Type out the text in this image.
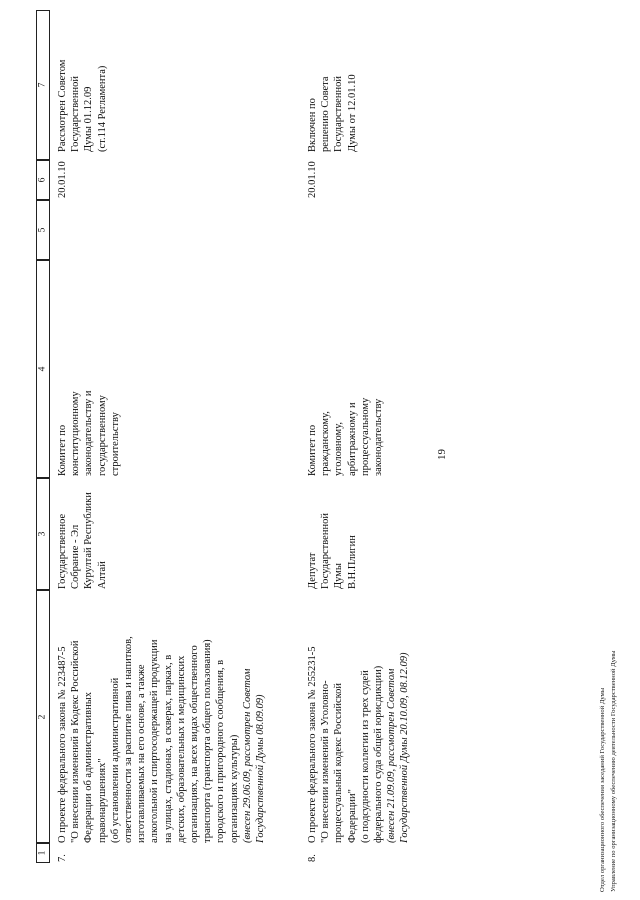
1
2
3
4
5
6
7
7.
О проекте федерального закона № 223487-5
"О внесении изменений в Кодекс Российской
Федерации об административных
правонарушениях"
(об установлении административной
ответственности за распитие пива и напитков,
изготавливаемых на его основе, а также
алкогольной и спиртосодержащей продукции
на улицах, стадионах, в скверах, парках, в
детских, образовательных и медицинских
организациях, на всех видах общественного
транспорта (транспорта общего пользования)
городского и пригородного сообщения, в
организациях культуры)
(внесен 29.06.09, рассмотрен Советом
Государственной Думы 08.09.09)
Государственное
Собрание - Эл
Курултай Республики
Алтай
Комитет по
конституционному
законодательству и
государственному
строительству
20.01.10
Рассмотрен Советом
Государственной
Думы 01.12.09
(ст.114 Регламента)
8.
О проекте федерального закона № 255231-5
"О внесении изменений в Уголовно-
процессуальный кодекс Российской
Федерации"
(о подсудности коллегии из трех судей
федерального суда общей юрисдикции)
(внесен 21.09.09, рассмотрен Советом
Государственной Думы 20.10.09, 08.12.09)
Депутат
Государственной
Думы
В.Н.Плигин
Комитет по
гражданскому,
уголовному,
арбитражному и
процессуальному
законодательству
20.01.10
Включен по
решению Совета
Государственной
Думы от 12.01.10
19
Отдел организационного обеспечения заседаний Государственной Думы Управление по организационному обеспечению деятельности Государственной Думы
